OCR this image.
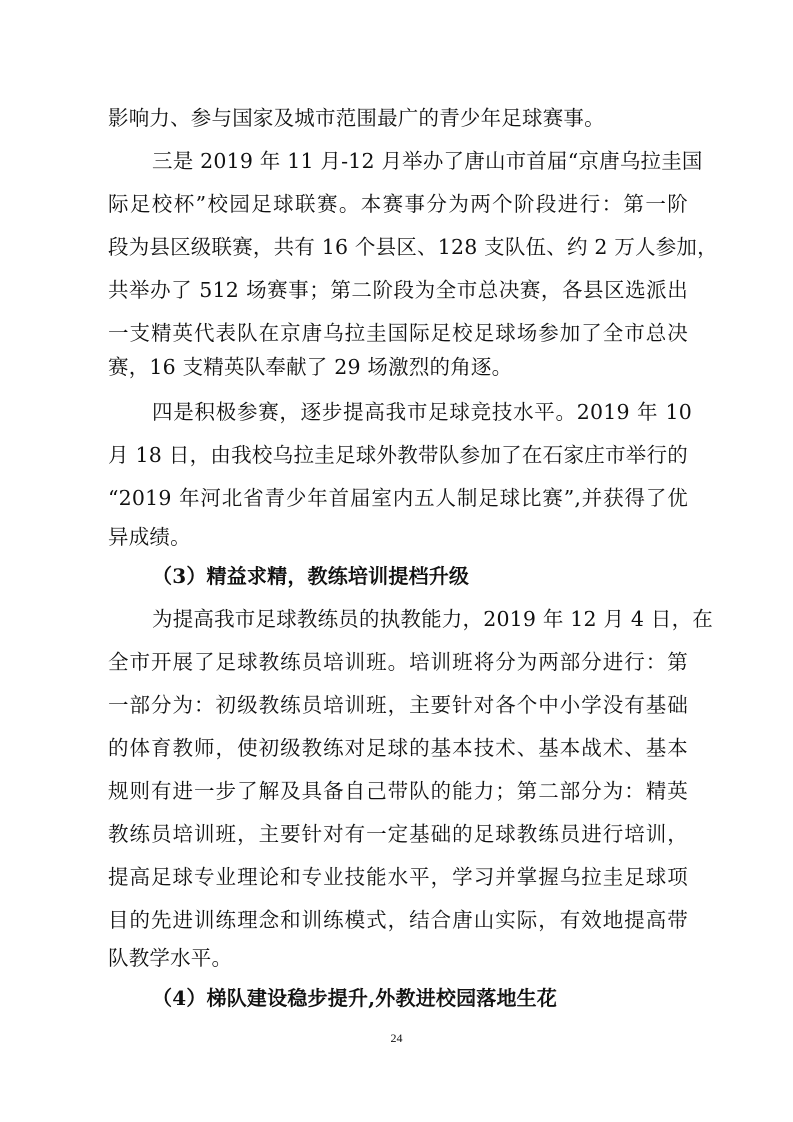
影响力、参与国家及城市范围最广的青少年足球赛事。
三是 2019 年 11 月-12 月举办了唐山市首届“京唐乌拉圭国
际足校杯”校园足球联赛。本赛事分为两个阶段进行：第一阶
段为县区级联赛，共有 16 个县区、128 支队伍、约 2 万人参加，
共举办了 512 场赛事；第二阶段为全市总决赛，各县区选派出
一支精英代表队在京唐乌拉圭国际足校足球场参加了全市总决
赛，16 支精英队奉献了 29 场激烈的角逐。
四是积极参赛，逐步提高我市足球竞技水平。2019 年 10
月 18 日，由我校乌拉圭足球外教带队参加了在石家庄市举行的
“2019 年河北省青少年首届室内五人制足球比赛”,并获得了优
异成绩。
（3）精益求精，教练培训提档升级
为提高我市足球教练员的执教能力，2019 年 12 月 4 日，在
全市开展了足球教练员培训班。培训班将分为两部分进行：第
一部分为：初级教练员培训班，主要针对各个中小学没有基础
的体育教师，使初级教练对足球的基本技术、基本战术、基本
规则有进一步了解及具备自己带队的能力；第二部分为：精英
教练员培训班，主要针对有一定基础的足球教练员进行培训，
提高足球专业理论和专业技能水平，学习并掌握乌拉圭足球项
目的先进训练理念和训练模式，结合唐山实际，有效地提高带
队教学水平。
（4）梯队建设稳步提升,外教进校园落地生花
24
